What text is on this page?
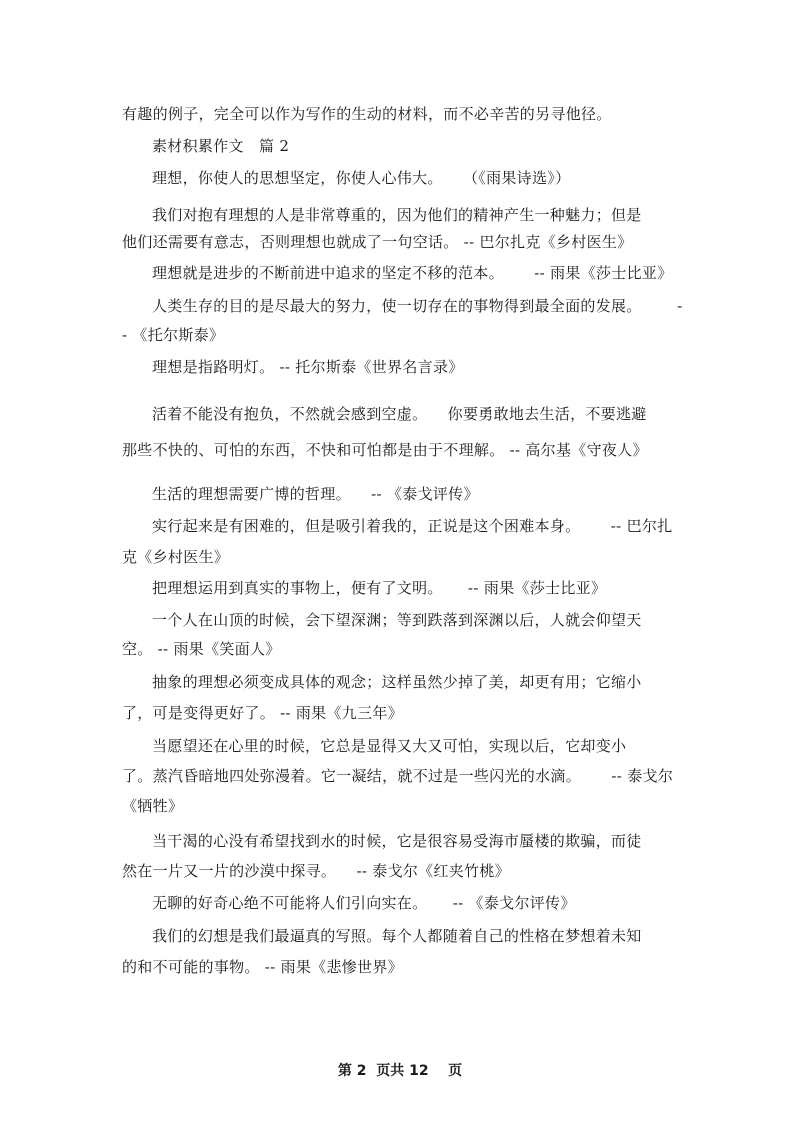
有趣的例子，完全可以作为写作的生动的材料，而不必辛苦的另寻他径。
素材积累作文   篇 2
理想，你使人的思想坚定，你使人心伟大。    （《雨果诗选》）
我们对抱有理想的人是非常尊重的，因为他们的精神产生一种魅力；但是
他们还需要有意志，否则理想也就成了一句空话。 -- 巴尔扎克《乡村医生》
理想就是进步的不断前进中追求的坚定不移的范本。      -- 雨果《莎士比亚》
人类生存的目的是尽最大的努力，使一切存在的事物得到最全面的发展。       -
- 《托尔斯泰》
理想是指路明灯。 -- 托尔斯泰《世界名言录》
活着不能没有抱负，不然就会感到空虚。    你要勇敢地去生活，不要逃避
那些不快的、可怕的东西，不快和可怕都是由于不理解。 -- 高尔基《守夜人》
生活的理想需要广博的哲理。    -- 《泰戈评传》
实行起来是有困难的，但是吸引着我的，正说是这个困难本身。      -- 巴尔扎
克《乡村医生》
把理想运用到真实的事物上，便有了文明。     -- 雨果《莎士比亚》
一个人在山顶的时候，会下望深渊；等到跌落到深渊以后，人就会仰望天
空。 -- 雨果《笑面人》
抽象的理想必须变成具体的观念；这样虽然少掉了美，却更有用；它缩小
了，可是变得更好了。 -- 雨果《九三年》
当愿望还在心里的时候，它总是显得又大又可怕，实现以后，它却变小
了。蒸汽昏暗地四处弥漫着。它一凝结，就不过是一些闪光的水滴。      -- 泰戈尔
《牺牲》
当干渴的心没有希望找到水的时候，它是很容易受海市蜃楼的欺骗，而徒
然在一片又一片的沙漠中探寻。    -- 泰戈尔《红夹竹桃》
无聊的好奇心绝不可能将人们引向实在。     -- 《泰戈尔评传》
我们的幻想是我们最逼真的写照。每个人都随着自己的性格在梦想着未知
的和不可能的事物。 -- 雨果《悲惨世界》
第 2  页共 12    页
